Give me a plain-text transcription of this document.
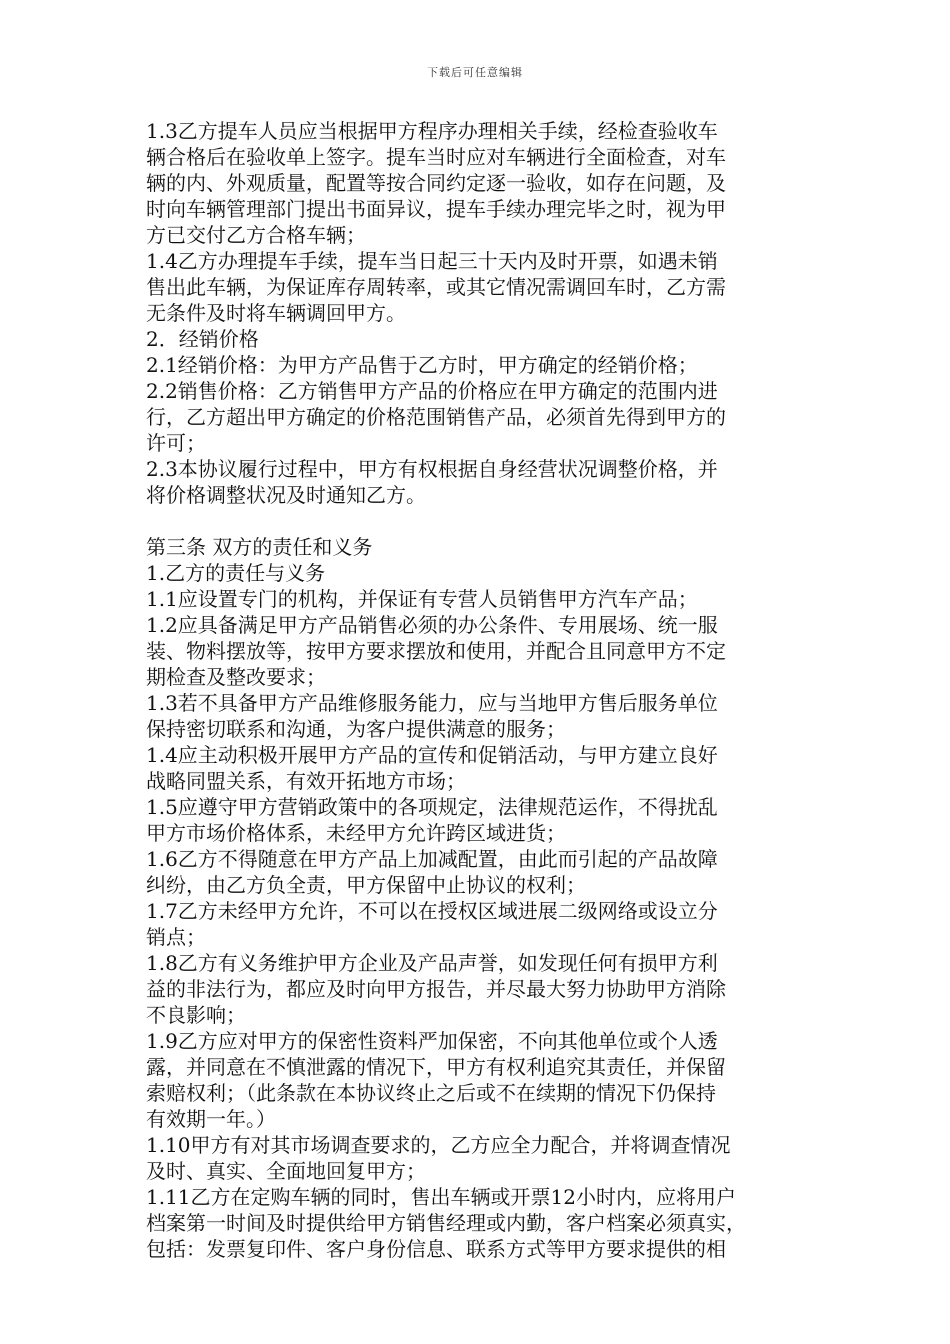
下载后可任意编辑
1.3乙方提车人员应当根据甲方程序办理相关手续，经检查验收车
辆合格后在验收单上签字。提车当时应对车辆进行全面检查，对车
辆的内、外观质量，配置等按合同约定逐一验收，如存在问题，及
时向车辆管理部门提出书面异议，提车手续办理完毕之时，视为甲
方已交付乙方合格车辆；
1.4乙方办理提车手续，提车当日起三十天内及时开票，如遇未销
售出此车辆，为保证库存周转率，或其它情况需调回车时，乙方需
无条件及时将车辆调回甲方。
2．经销价格
2.1经销价格：为甲方产品售于乙方时，甲方确定的经销价格；
2.2销售价格：乙方销售甲方产品的价格应在甲方确定的范围内进
行，乙方超出甲方确定的价格范围销售产品，必须首先得到甲方的
许可；
2.3本协议履行过程中，甲方有权根据自身经营状况调整价格，并
将价格调整状况及时通知乙方。
第三条 双方的责任和义务
1.乙方的责任与义务
1.1应设置专门的机构，并保证有专营人员销售甲方汽车产品；
1.2应具备满足甲方产品销售必须的办公条件、专用展场、统一服
装、物料摆放等，按甲方要求摆放和使用，并配合且同意甲方不定
期检查及整改要求；
1.3若不具备甲方产品维修服务能力，应与当地甲方售后服务单位
保持密切联系和沟通，为客户提供满意的服务；
1.4应主动积极开展甲方产品的宣传和促销活动，与甲方建立良好
战略同盟关系，有效开拓地方市场；
1.5应遵守甲方营销政策中的各项规定，法律规范运作，不得扰乱
甲方市场价格体系，未经甲方允许跨区域进货；
1.6乙方不得随意在甲方产品上加减配置，由此而引起的产品故障
纠纷，由乙方负全责，甲方保留中止协议的权利；
1.7乙方未经甲方允许，不可以在授权区域进展二级网络或设立分
销点；
1.8乙方有义务维护甲方企业及产品声誉，如发现任何有损甲方利
益的非法行为，都应及时向甲方报告，并尽最大努力协助甲方消除
不良影响；
1.9乙方应对甲方的保密性资料严加保密，不向其他单位或个人透
露，并同意在不慎泄露的情况下，甲方有权利追究其责任，并保留
索赔权利；（此条款在本协议终止之后或不在续期的情况下仍保持
有效期一年。）
1.10甲方有对其市场调查要求的，乙方应全力配合，并将调查情况
及时、真实、全面地回复甲方；
1.11乙方在定购车辆的同时，售出车辆或开票12小时内，应将用户
档案第一时间及时提供给甲方销售经理或内勤，客户档案必须真实，
包括：发票复印件、客户身份信息、联系方式等甲方要求提供的相
